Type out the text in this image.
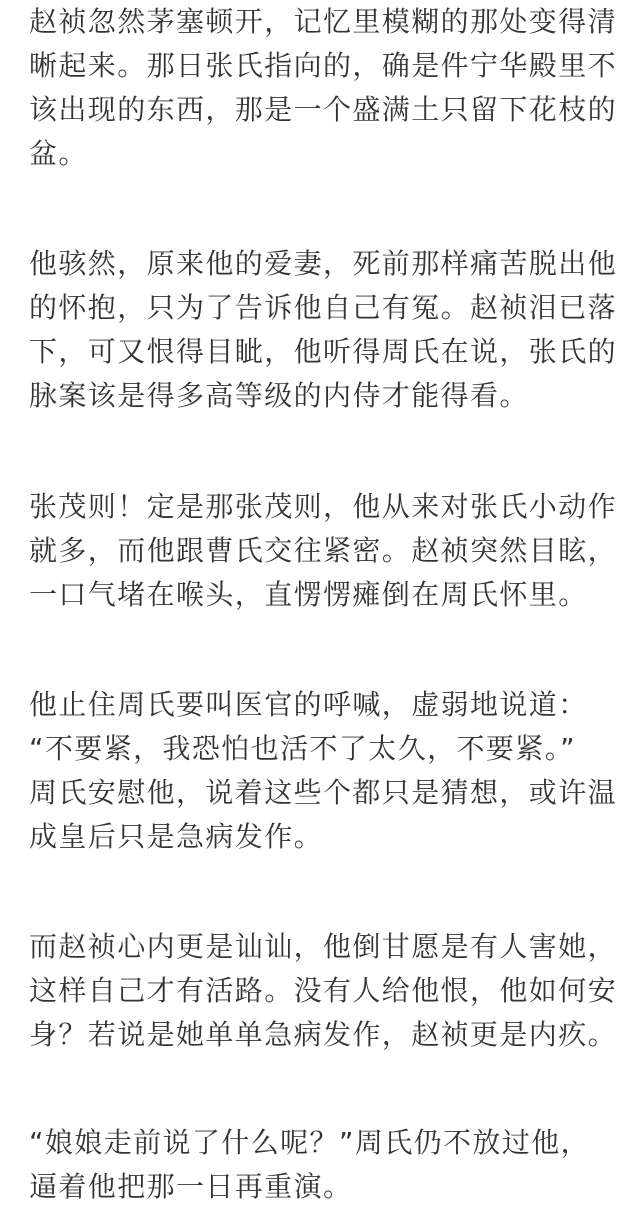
赵祯忽然茅塞顿开，记忆里模糊的那处变得清
晰起来。那日张氏指向的，确是件宁华殿里不
该出现的东西，那是一个盛满土只留下花枝的
盆。

他骇然，原来他的爱妻，死前那样痛苦脱出他
的怀抱，只为了告诉他自己有冤。赵祯泪已落
下，可又恨得目眦，他听得周氏在说，张氏的
脉案该是得多高等级的内侍才能得看。

张茂则！定是那张茂则，他从来对张氏小动作
就多，而他跟曹氏交往紧密。赵祯突然目眩，
一口气堵在喉头，直愣愣瘫倒在周氏怀里。

他止住周氏要叫医官的呼喊，虚弱地说道：
“不要紧，我恐怕也活不了太久，不要紧。”
周氏安慰他，说着这些个都只是猜想，或许温
成皇后只是急病发作。

而赵祯心内更是讪讪，他倒甘愿是有人害她，
这样自己才有活路。没有人给他恨，他如何安
身？若说是她单单急病发作，赵祯更是内疚。

“娘娘走前说了什么呢？”周氏仍不放过他，
逼着他把那一日再重演。
